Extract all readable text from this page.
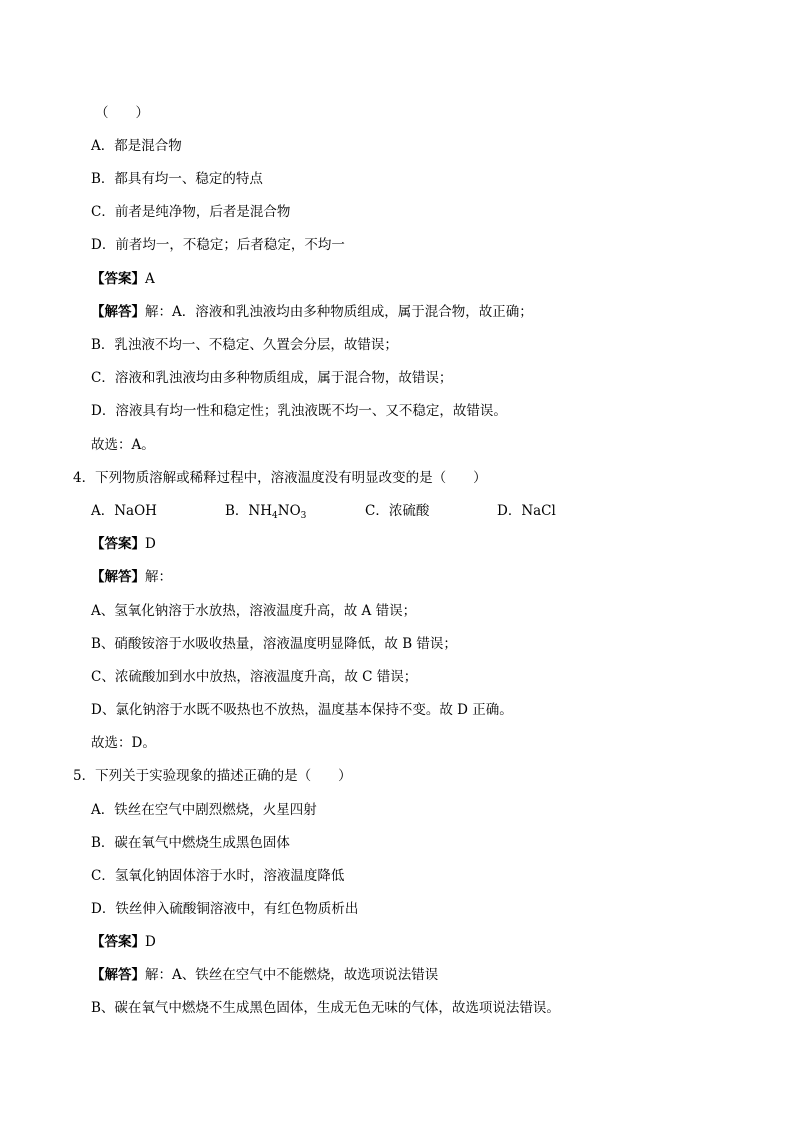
（　　）
A．都是混合物
B．都具有均一、稳定的特点
C．前者是纯净物，后者是混合物
D．前者均一，不稳定；后者稳定，不均一
【答案】A
【解答】解：A．溶液和乳浊液均由多种物质组成，属于混合物，故正确；
B．乳浊液不均一、不稳定、久置会分层，故错误；
C．溶液和乳浊液均由多种物质组成，属于混合物，故错误；
D．溶液具有均一性和稳定性；乳浊液既不均一、又不稳定，故错误。
故选：A。
4．下列物质溶解或稀释过程中，溶液温度没有明显改变的是（　　）
A．NaOH	B．$NH_4NO_3$	C．浓硫酸	D．NaCl
【答案】D
【解答】解：
A、氢氧化钠溶于水放热，溶液温度升高，故 A 错误；
B、硝酸铵溶于水吸收热量，溶液温度明显降低，故 B 错误；
C、浓硫酸加到水中放热，溶液温度升高，故 C 错误；
D、氯化钠溶于水既不吸热也不放热，温度基本保持不变。故 D 正确。
故选：D。
5．下列关于实验现象的描述正确的是（　　）
A．铁丝在空气中剧烈燃烧，火星四射
B．碳在氧气中燃烧生成黑色固体
C．氢氧化钠固体溶于水时，溶液温度降低
D．铁丝伸入硫酸铜溶液中，有红色物质析出
【答案】D
【解答】解：A、铁丝在空气中不能燃烧，故选项说法错误
B、碳在氧气中燃烧不生成黑色固体，生成无色无味的气体，故选项说法错误。
